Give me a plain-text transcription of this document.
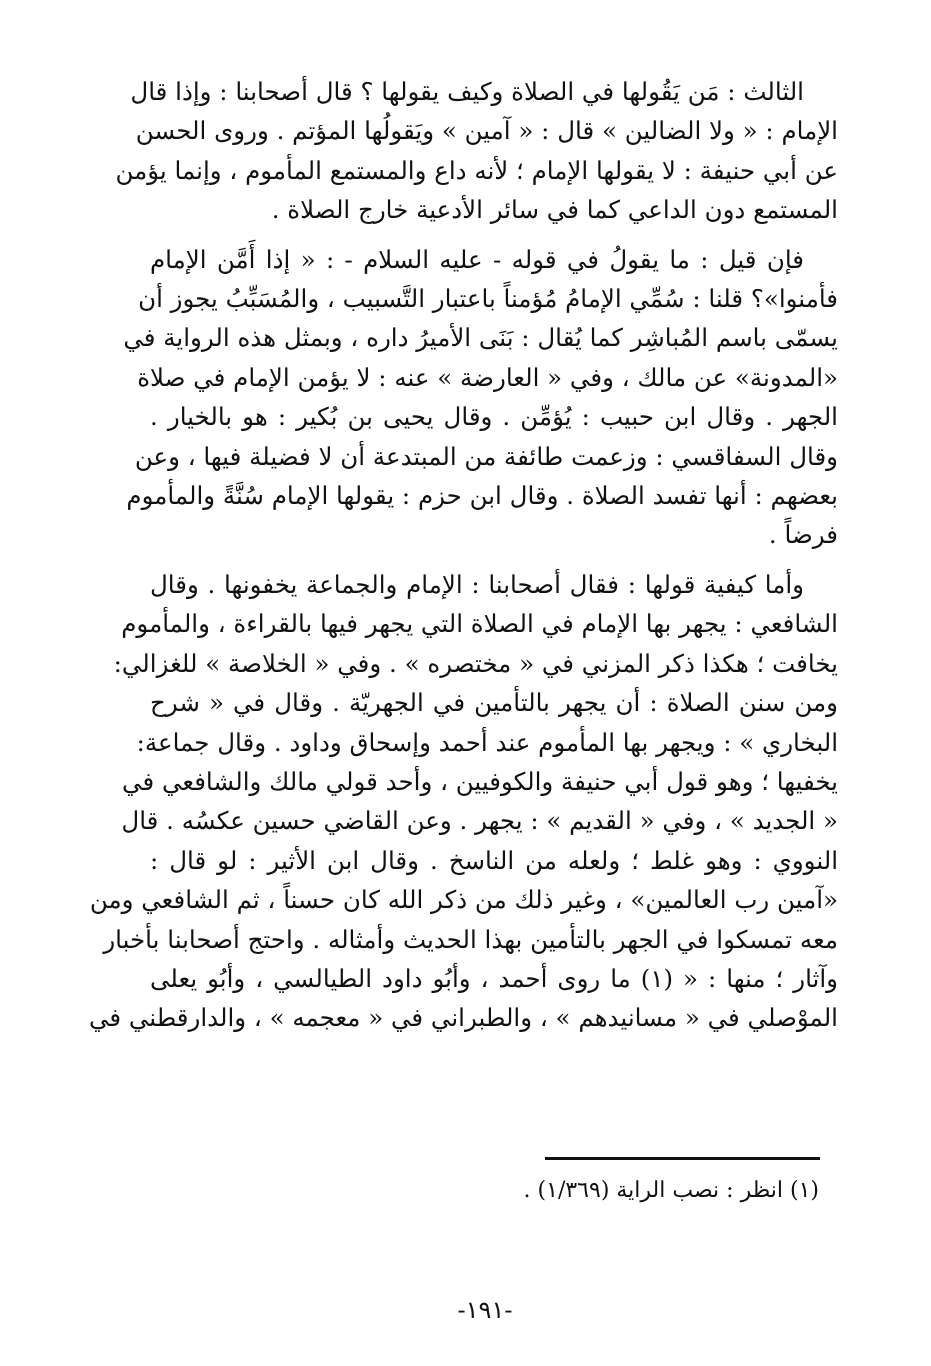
الثالث : مَن يَقُولها في الصلاة وكيف يقولها ؟ قال أصحابنا : وإذا قال
الإمام : « ولا الضالين » قال : « آمين » ويَقولُها المؤتم . وروى الحسن
عن أبي حنيفة : لا يقولها الإمام ؛ لأنه داع والمستمع المأموم ، وإنما يؤمن
المستمع دون الداعي كما في سائر الأدعية خارج الصلاة .
فإن قيل : ما يقولُ في قوله - عليه السلام - : « إذا أَمَّن الإمام
فأمنوا»؟ قلنا : سُمِّي الإمامُ مُؤمناً باعتبار التَّسبيب ، والمُسَبِّبُ يجوز أن
يسمّى باسم المُباشِر كما يُقال : بَنَى الأميرُ داره ، وبمثل هذه الرواية في
«المدونة» عن مالك ، وفي « العارضة » عنه : لا يؤمن الإمام في صلاة
الجهر . وقال ابن حبيب : يُؤمِّن . وقال يحيى بن بُكير : هو بالخيار .
وقال السفاقسي : وزعمت طائفة من المبتدعة أن لا فضيلة فيها ، وعن
بعضهم : أنها تفسد الصلاة . وقال ابن حزم : يقولها الإمام سُنَّةً والمأموم
فرضاً .
وأما كيفية قولها : فقال أصحابنا : الإمام والجماعة يخفونها . وقال
الشافعي : يجهر بها الإمام في الصلاة التي يجهر فيها بالقراءة ، والمأموم
يخافت ؛ هكذا ذكر المزني في « مختصره » . وفي « الخلاصة » للغزالي:
ومن سنن الصلاة : أن يجهر بالتأمين في الجهريّة . وقال في « شرح
البخاري » : ويجهر بها المأموم عند أحمد وإسحاق وداود . وقال جماعة:
يخفيها ؛ وهو قول أبي حنيفة والكوفيين ، وأحد قولي مالك والشافعي في
« الجديد » ، وفي « القديم » : يجهر . وعن القاضي حسين عكسُه . قال
النووي : وهو غلط ؛ ولعله من الناسخ . وقال ابن الأثير : لو قال :
«آمين رب العالمين» ، وغير ذلك من ذكر الله كان حسناً ، ثم الشافعي ومن
معه تمسكوا في الجهر بالتأمين بهذا الحديث وأمثاله . واحتج أصحابنا بأخبار
وآثار ؛ منها : « (١) ما روى أحمد ، وأبُو داود الطيالسي ، وأبُو يعلى
الموْصلي في « مسانيدهم » ، والطبراني في « معجمه » ، والدارقطني في
(١) انظر : نصب الراية (١/٣٦٩) .
-١٩١-
